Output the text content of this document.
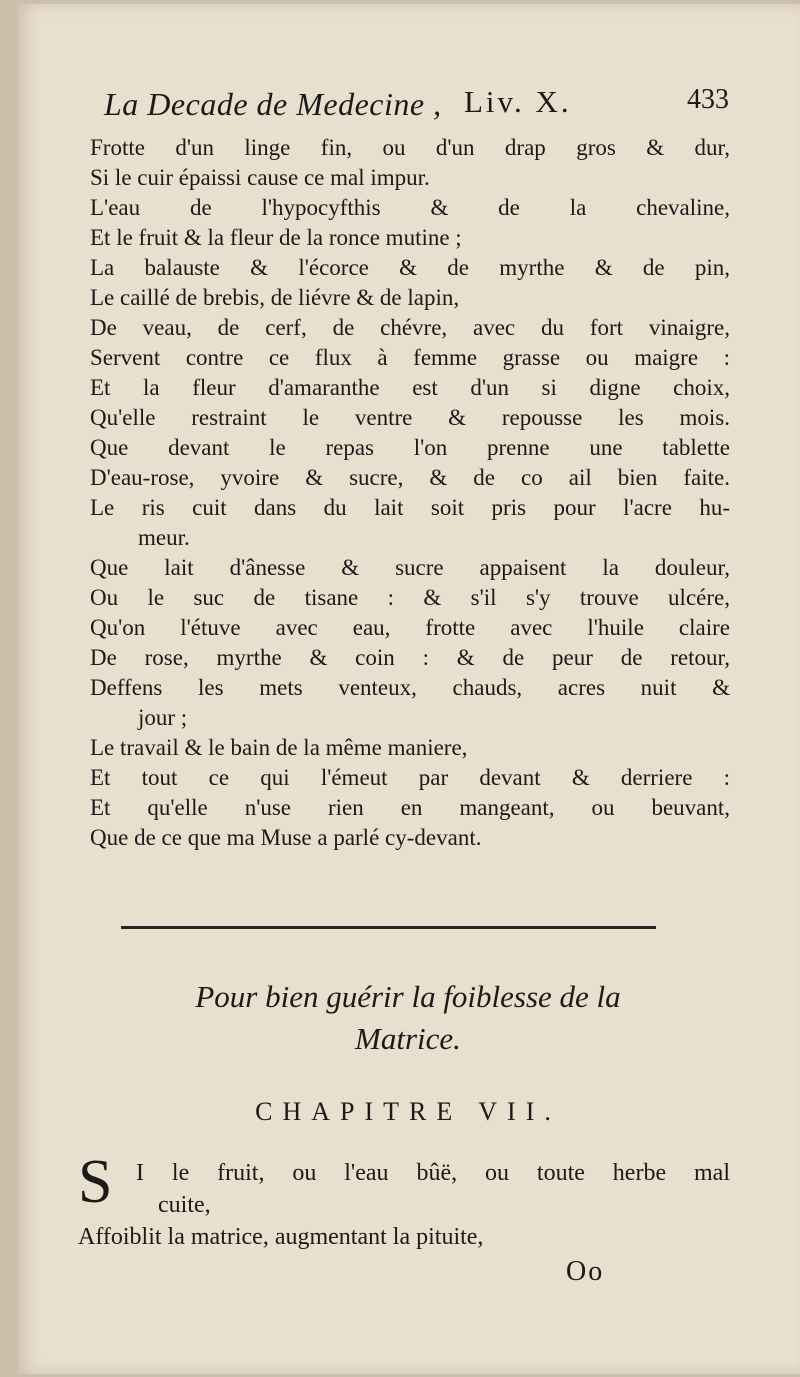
La Decade de Medecine , Liv. X.	433
Frotte d'un linge fin, ou d'un drap gros & dur,
Si le cuir épaissi cause ce mal impur.
L'eau de l'hypocyfthis & de la chevaline,
Et le fruit & la fleur de la ronce mutine ;
La balauste & l'écorce & de myrthe & de pin,
Le caillé de brebis, de liévre & de lapin,
De veau, de cerf, de chévre, avec du fort vinaigre,
Servent contre ce flux à femme grasse ou maigre :
Et la fleur d'amaranthe est d'un si digne choix,
Qu'elle restraint le ventre & repousse les mois.
Que devant le repas l'on prenne une tablette
D'eau-rose, yvoire & sucre, & de co ail bien faite.
Le ris cuit dans du lait soit pris pour l'acre hu-
meur.
Que lait d'ânesse & sucre appaisent la douleur,
Ou le suc de tisane : & s'il s'y trouve ulcére,
Qu'on l'étuve avec eau, frotte avec l'huile claire
De rose, myrthe & coin : & de peur de retour,
Deffens les mets venteux, chauds, acres nuit &
jour ;
Le travail & le bain de la même maniere,
Et tout ce qui l'émeut par devant & derriere :
Et qu'elle n'use rien en mangeant, ou beuvant,
Que de ce que ma Muse a parlé cy-devant.
Pour bien guérir la foiblesse de la
Matrice.
CHAPITRE VII.
S I le fruit, ou l'eau bûë, ou toute herbe mal
cuite,
Affoiblit la matrice, augmentant la pituite,
Oo
